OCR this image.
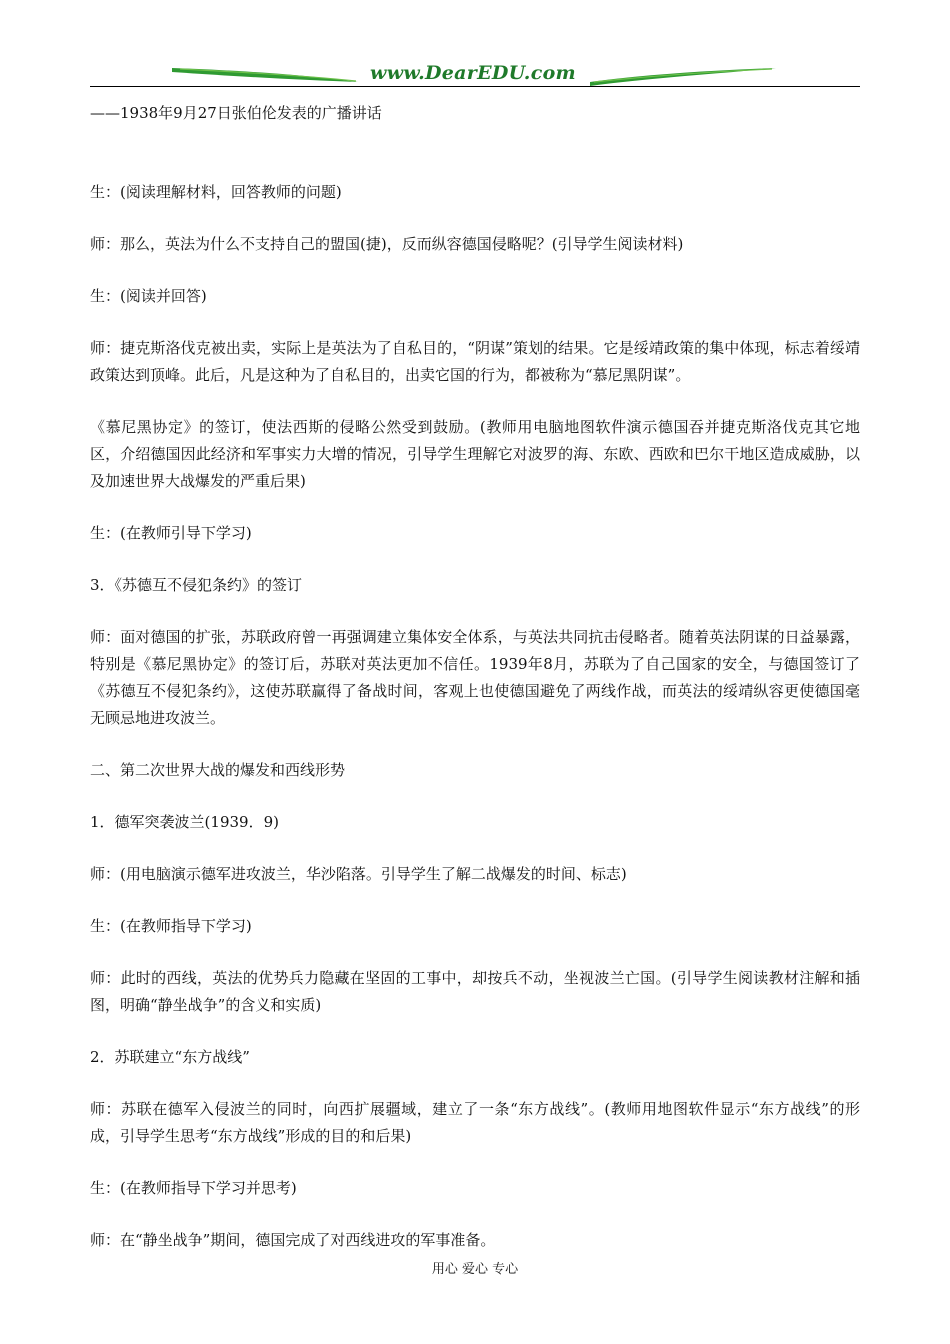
www.DearEDU.com

——1938年9月27日张伯伦发表的广播讲话

生：(阅读理解材料，回答教师的问题)

师：那么，英法为什么不支持自己的盟国(捷)，反而纵容德国侵略呢？(引导学生阅读材料)

生：(阅读并回答)

师：捷克斯洛伐克被出卖，实际上是英法为了自私目的，“阴谋”策划的结果。它是绥靖政策的集中体现，标志着绥靖政策达到顶峰。此后，凡是这种为了自私目的，出卖它国的行为，都被称为“慕尼黑阴谋”。

《慕尼黑协定》的签订，使法西斯的侵略公然受到鼓励。(教师用电脑地图软件演示德国吞并捷克斯洛伐克其它地区，介绍德国因此经济和军事实力大增的情况，引导学生理解它对波罗的海、东欧、西欧和巴尔干地区造成威胁，以及加速世界大战爆发的严重后果)

生：(在教师引导下学习)

3．《苏德互不侵犯条约》的签订

师：面对德国的扩张，苏联政府曾一再强调建立集体安全体系，与英法共同抗击侵略者。随着英法阴谋的日益暴露，特别是《慕尼黑协定》的签订后，苏联对英法更加不信任。1939年8月，苏联为了自己国家的安全，与德国签订了《苏德互不侵犯条约》，这使苏联赢得了备战时间，客观上也使德国避免了两线作战，而英法的绥靖纵容更使德国毫无顾忌地进攻波兰。

二、第二次世界大战的爆发和西线形势

1．德军突袭波兰(1939．9)

师：(用电脑演示德军进攻波兰，华沙陷落。引导学生了解二战爆发的时间、标志)

生：(在教师指导下学习)

师：此时的西线，英法的优势兵力隐藏在坚固的工事中，却按兵不动，坐视波兰亡国。(引导学生阅读教材注解和插图，明确“静坐战争”的含义和实质)

2．苏联建立“东方战线”

师：苏联在德军入侵波兰的同时，向西扩展疆域，建立了一条“东方战线”。(教师用地图软件显示“东方战线”的形成，引导学生思考“东方战线”形成的目的和后果)

生：(在教师指导下学习并思考)

师：在“静坐战争”期间，德国完成了对西线进攻的军事准备。

用心 爱心 专心
